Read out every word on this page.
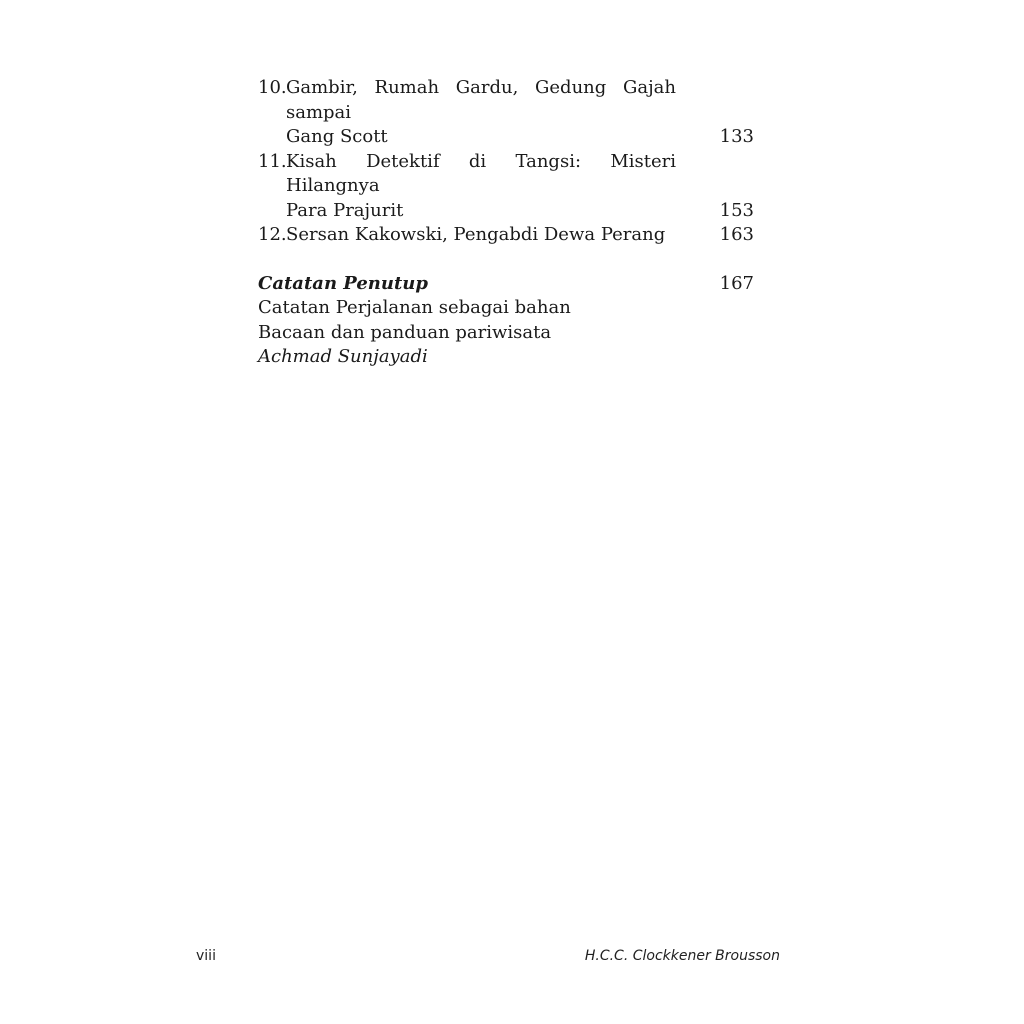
10. Gambir, Rumah Gardu, Gedung Gajah sampai
Gang Scott	133
11. Kisah Detektif di Tangsi: Misteri Hilangnya
Para Prajurit	153
12. Sersan Kakowski, Pengabdi Dewa Perang	163
Catatan Penutup	167
Catatan Perjalanan sebagai bahan
Bacaan dan panduan pariwisata
Achmad Sunjayadi
viii	H.C.C. Clockkener Brousson
